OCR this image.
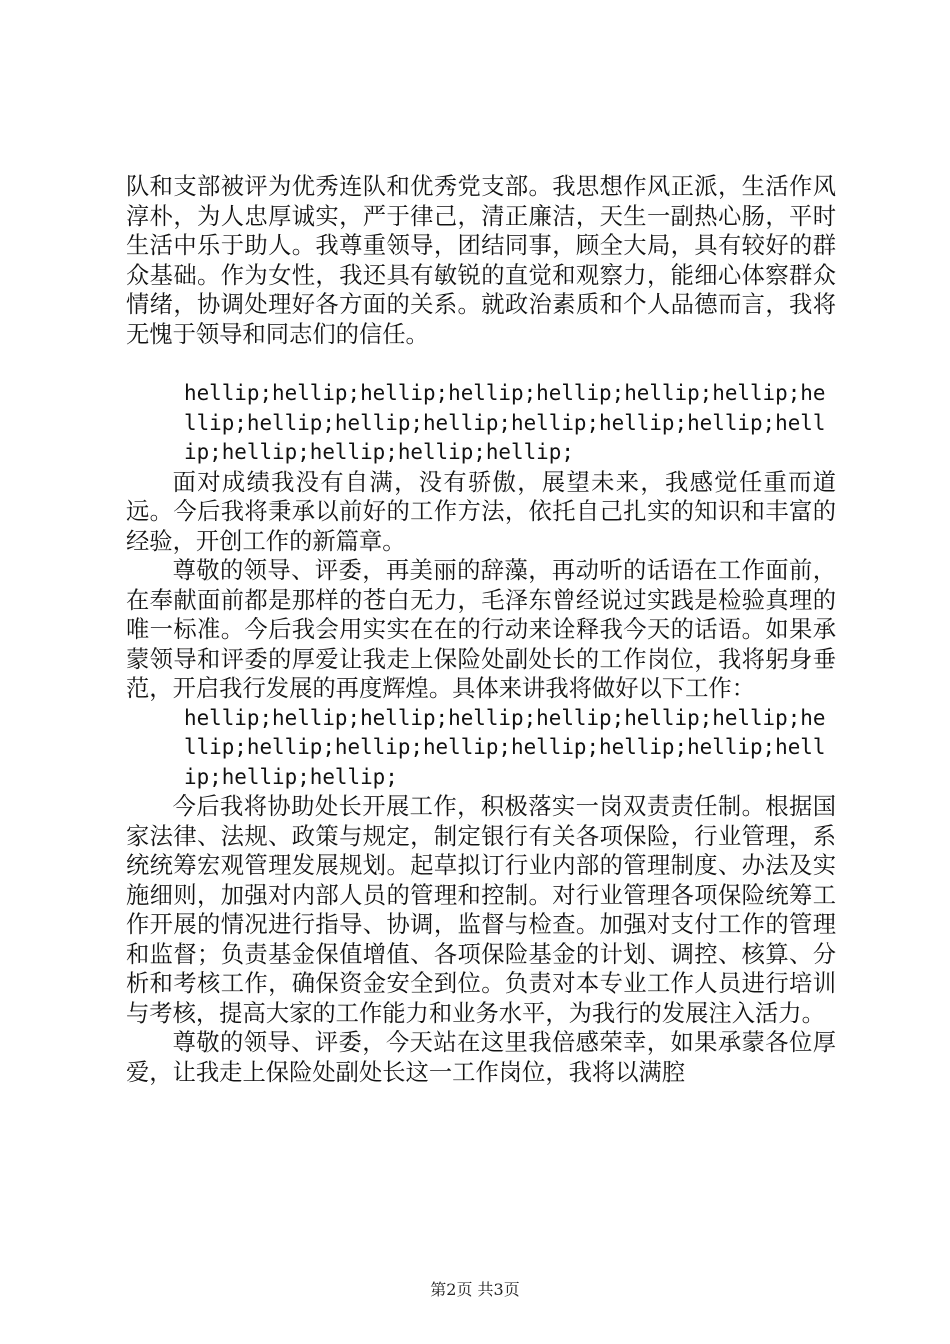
队和支部被评为优秀连队和优秀党支部。我思想作风正派，生活作风淳朴，为人忠厚诚实，严于律己，清正廉洁，天生一副热心肠，平时生活中乐于助人。我尊重领导，团结同事，顾全大局，具有较好的群众基础。作为女性，我还具有敏锐的直觉和观察力，能细心体察群众情绪，协调处理好各方面的关系。就政治素质和个人品德而言，我将无愧于领导和同志们的信任。

hellip;hellip;hellip;hellip;hellip;hellip;hellip;hellip;hellip;hellip;hellip;hellip;hellip;hellip;hellip;hellip;hellip;hellip;hellip;

面对成绩我没有自满，没有骄傲，展望未来，我感觉任重而道远。今后我将秉承以前好的工作方法，依托自己扎实的知识和丰富的经验，开创工作的新篇章。

尊敬的领导、评委，再美丽的辞藻，再动听的话语在工作面前，在奉献面前都是那样的苍白无力，毛泽东曾经说过实践是检验真理的唯一标准。今后我会用实实在在的行动来诠释我今天的话语。如果承蒙领导和评委的厚爱让我走上保险处副处长的工作岗位，我将躬身垂范，开启我行发展的再度辉煌。具体来讲我将做好以下工作：

hellip;hellip;hellip;hellip;hellip;hellip;hellip;hellip;hellip;hellip;hellip;hellip;hellip;hellip;hellip;hellip;hellip;

今后我将协助处长开展工作，积极落实一岗双责责任制。根据国家法律、法规、政策与规定，制定银行有关各项保险，行业管理，系统统筹宏观管理发展规划。起草拟订行业内部的管理制度、办法及实施细则，加强对内部人员的管理和控制。对行业管理各项保险统筹工作开展的情况进行指导、协调，监督与检查。加强对支付工作的管理和监督；负责基金保值增值、各项保险基金的计划、调控、核算、分析和考核工作，确保资金安全到位。负责对本专业工作人员进行培训与考核，提高大家的工作能力和业务水平，为我行的发展注入活力。

尊敬的领导、评委，今天站在这里我倍感荣幸，如果承蒙各位厚爱，让我走上保险处副处长这一工作岗位，我将以满腔

第2页 共3页
